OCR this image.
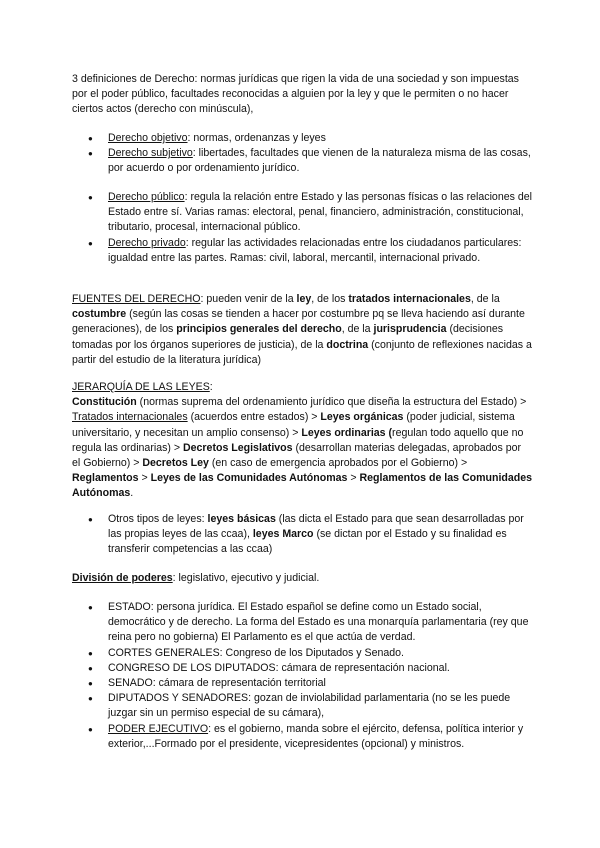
3 definiciones de Derecho: normas jurídicas que rigen la vida de una sociedad y son impuestas por el poder público, facultades reconocidas a alguien por la ley y que le permiten o no hacer ciertos actos (derecho con minúscula),

● Derecho objetivo: normas, ordenanzas y leyes
● Derecho subjetivo: libertades, facultades que vienen de la naturaleza misma de las cosas, por acuerdo o por ordenamiento jurídico.
● Derecho público: regula la relación entre Estado y las personas físicas o las relaciones del Estado entre sí. Varias ramas: electoral, penal, financiero, administración, constitucional, tributario, procesal, internacional público.
● Derecho privado: regular las actividades relacionadas entre los ciudadanos particulares: igualdad entre las partes. Ramas: civil, laboral, mercantil, internacional privado.

FUENTES DEL DERECHO: pueden venir de la ley, de los tratados internacionales, de la costumbre (según las cosas se tienden a hacer por costumbre pq se lleva haciendo así durante generaciones), de los principios generales del derecho, de la jurisprudencia (decisiones tomadas por los órganos superiores de justicia), de la doctrina (conjunto de reflexiones nacidas a partir del estudio de la literatura jurídica)

JERARQUÍA DE LAS LEYES:
Constitución (normas suprema del ordenamiento jurídico que diseña la estructura del Estado) > Tratados internacionales (acuerdos entre estados) > Leyes orgánicas (poder judicial, sistema universitario, y necesitan un amplio consenso) > Leyes ordinarias (regulan todo aquello que no regula las ordinarias) > Decretos Legislativos (desarrollan materias delegadas, aprobados por el Gobierno) > Decretos Ley (en caso de emergencia aprobados por el Gobierno) > Reglamentos > Leyes de las Comunidades Autónomas > Reglamentos de las Comunidades Autónomas.

● Otros tipos de leyes: leyes básicas (las dicta el Estado para que sean desarrolladas por las propias leyes de las ccaa), leyes Marco (se dictan por el Estado y su finalidad es transferir competencias a las ccaa)

División de poderes: legislativo, ejecutivo y judicial.

● ESTADO: persona jurídica. El Estado español se define como un Estado social, democrático y de derecho. La forma del Estado es una monarquía parlamentaria (rey que reina pero no gobierna) El Parlamento es el que actúa de verdad.
● CORTES GENERALES: Congreso de los Diputados y Senado.
● CONGRESO DE LOS DIPUTADOS: cámara de representación nacional.
● SENADO: cámara de representación territorial
● DIPUTADOS Y SENADORES: gozan de inviolabilidad parlamentaria (no se les puede juzgar sin un permiso especial de su cámara),
● PODER EJECUTIVO: es el gobierno, manda sobre el ejército, defensa, política interior y exterior,...Formado por el presidente, vicepresidentes (opcional) y ministros.
